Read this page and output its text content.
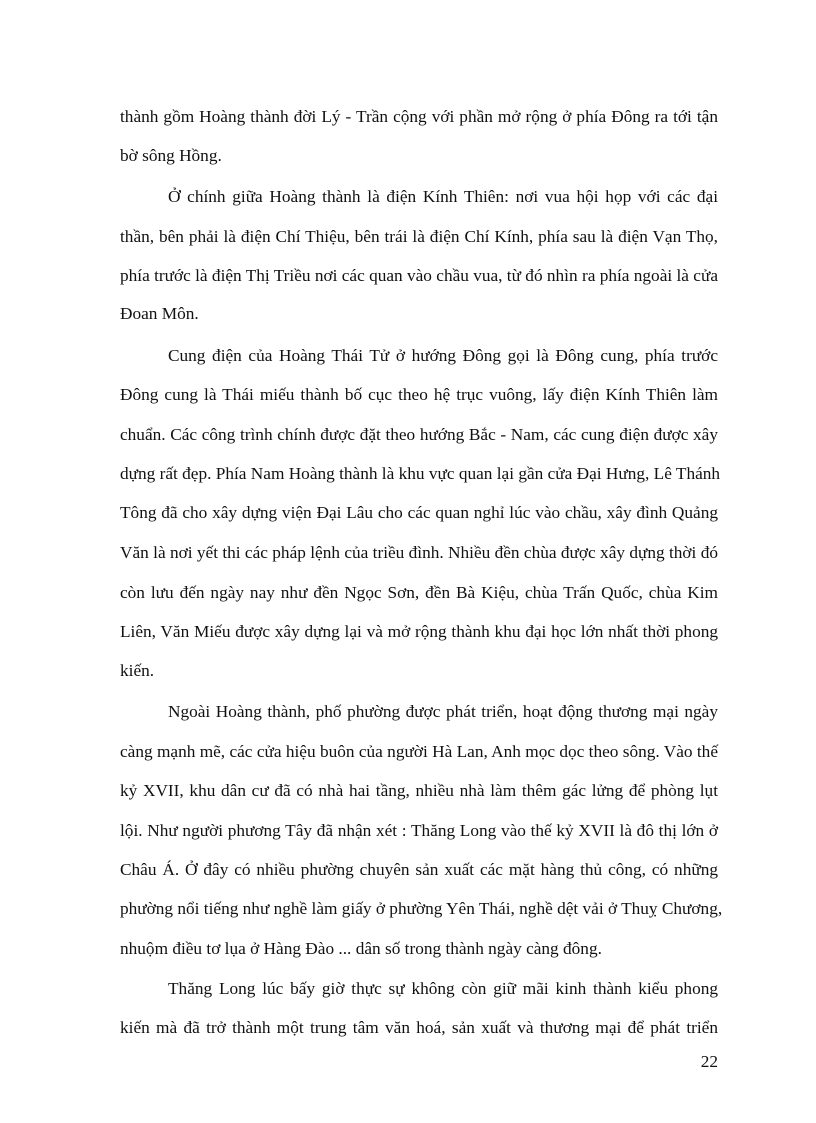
thành gồm Hoàng thành đời Lý - Trần cộng với phần mở rộng ở phía Đông ra tới tận

bờ sông Hồng.

Ở chính giữa Hoàng thành là điện Kính Thiên: nơi vua hội họp với các đại

thần, bên phải là điện Chí Thiệu, bên trái là điện Chí Kính, phía sau là điện Vạn Thọ,

phía trước là điện Thị Triều nơi các quan vào chầu vua, từ đó nhìn ra phía ngoài là cửa

Đoan Môn.

Cung điện của Hoàng Thái Tử ở hướng Đông gọi là Đông cung, phía trước

Đông cung là Thái miếu thành bố cục theo hệ trục vuông, lấy điện Kính Thiên làm

chuẩn. Các công trình chính được đặt theo hướng Bắc - Nam, các cung điện được xây

dựng rất đẹp. Phía Nam Hoàng thành là khu vực quan lại gần cửa Đại Hưng, Lê Thánh

Tông đã cho xây dựng viện Đại Lâu cho các quan nghỉ lúc vào chầu, xây đình Quảng

Văn là nơi yết thi các pháp lệnh của triều đình. Nhiều đền chùa được xây dựng thời đó

còn lưu đến ngày nay như đền Ngọc Sơn, đền Bà Kiệu, chùa Trấn Quốc, chùa Kim

Liên, Văn Miếu được xây dựng lại và mở rộng thành khu đại học lớn nhất thời phong

kiến.

Ngoài Hoàng thành, phố phường được phát triển, hoạt động thương mại ngày

càng mạnh mẽ, các cửa hiệu buôn của người Hà Lan, Anh mọc dọc theo sông. Vào thế

kỷ XVII, khu dân cư đã có nhà hai tầng, nhiều nhà làm thêm gác lửng để phòng lụt

lội. Như người phương Tây đã nhận xét : Thăng Long vào thế kỷ XVII là đô thị lớn ở

Châu Á. Ở đây có nhiều phường chuyên sản xuất các mặt hàng thủ công, có những

phường nổi tiếng như nghề làm giấy ở phường Yên Thái, nghề dệt vải ở Thuỵ Chương,

nhuộm điều tơ lụa ở Hàng Đào ... dân số trong thành ngày càng đông.

Thăng Long lúc bấy giờ thực sự không còn giữ mãi kinh thành kiểu phong

kiến mà đã trở thành một trung tâm văn hoá, sản xuất và thương mại để phát triển

22
